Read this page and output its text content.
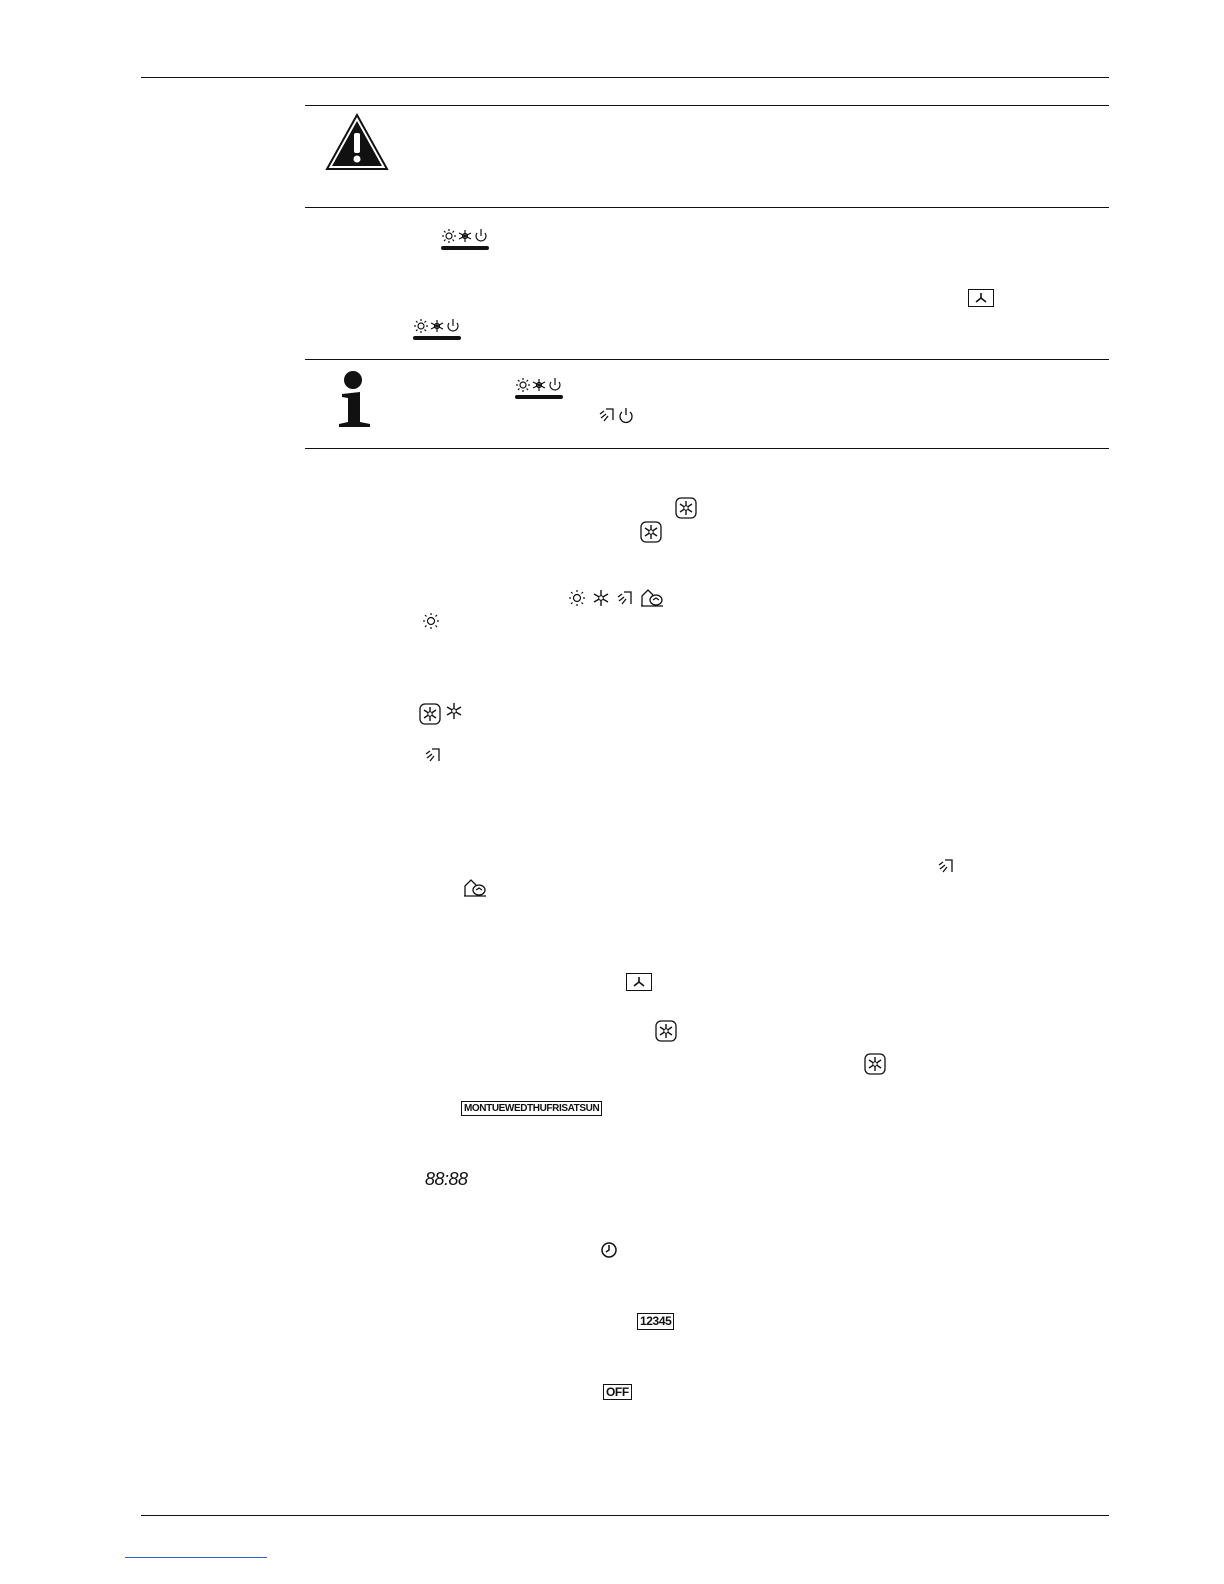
MONTUEWEDTHUFRISATSUN
88:88
12345
OFF
